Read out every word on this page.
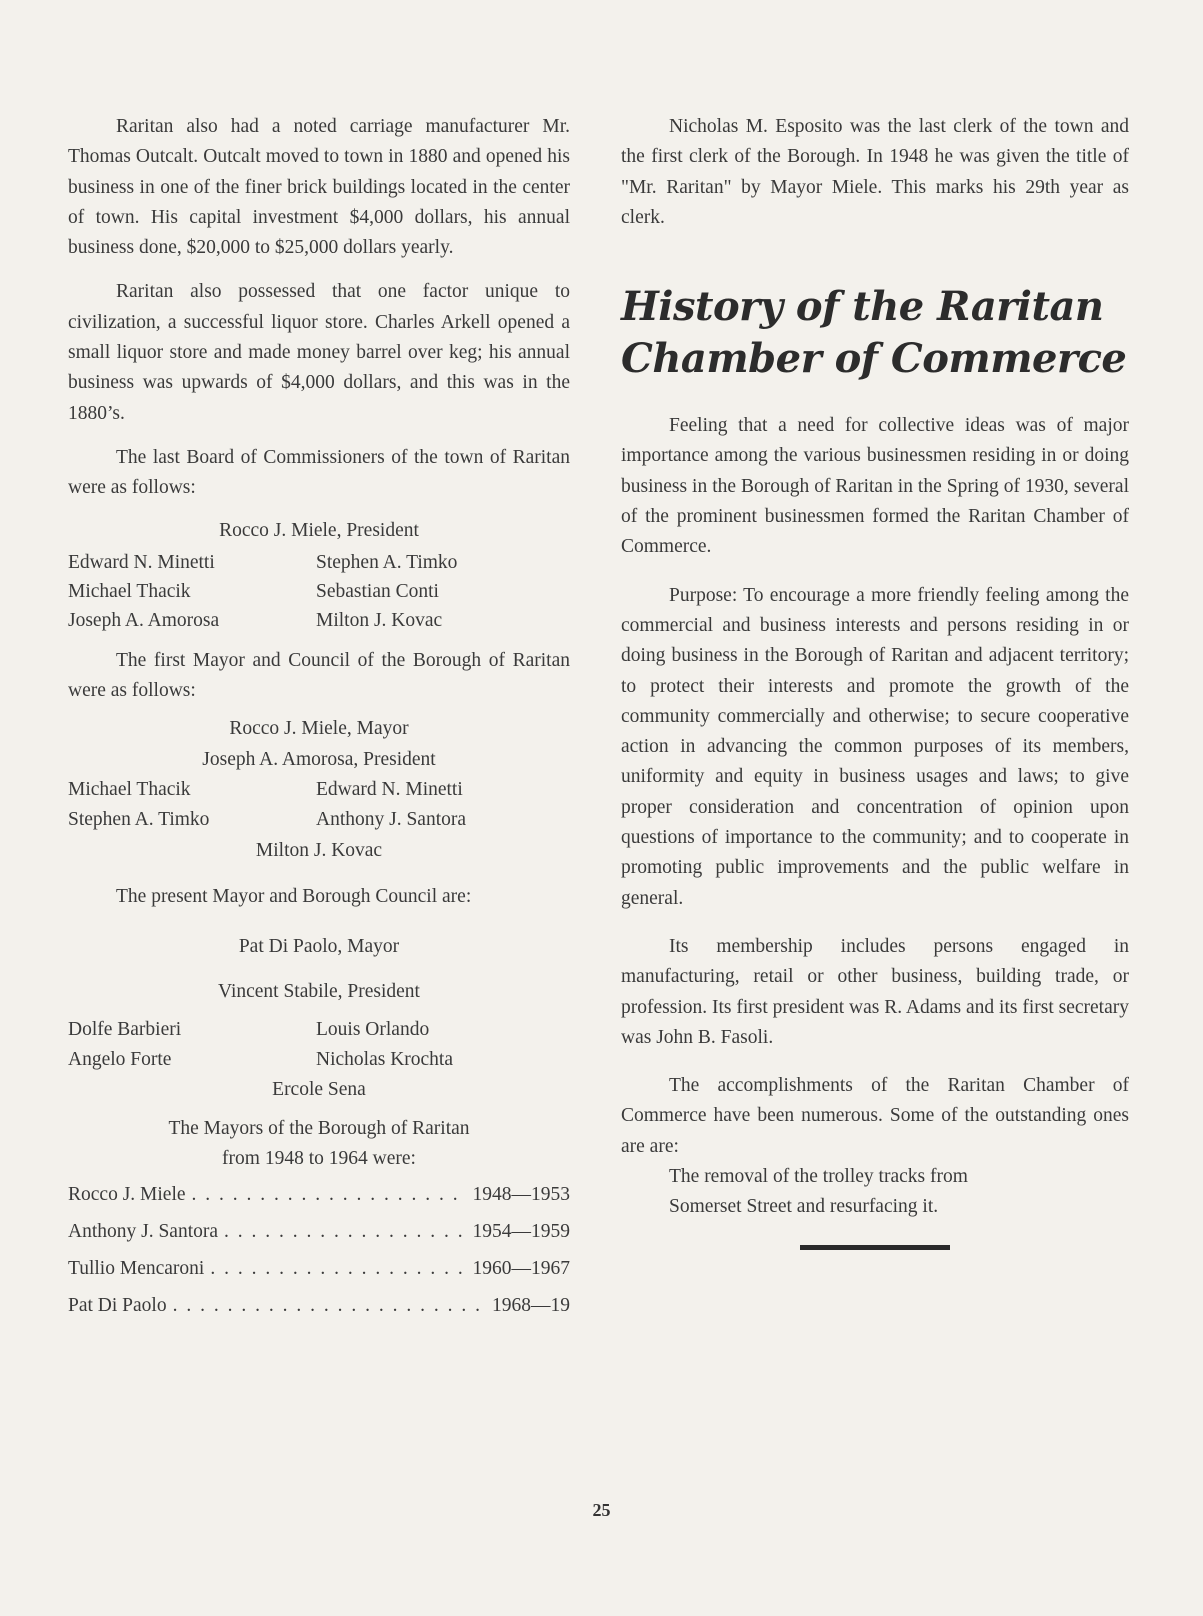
Raritan also had a noted carriage manufacturer Mr. Thomas Outcalt. Outcalt moved to town in 1880 and opened his business in one of the finer brick buildings located in the center of town. His capital investment $4,000 dollars, his annual business done, $20,000 to $25,000 dollars yearly.

Raritan also possessed that one factor unique to civilization, a successful liquor store. Charles Arkell opened a small liquor store and made money barrel over keg; his annual business was upwards of $4,000 dollars, and this was in the 1880’s.

The last Board of Commissioners of the town of Raritan were as follows:

Rocco J. Miele, President
Edward N. Minetti	Stephen A. Timko
Michael Thacik	Sebastian Conti
Joseph A. Amorosa	Milton J. Kovac

The first Mayor and Council of the Borough of Raritan were as follows:

Rocco J. Miele, Mayor
Joseph A. Amorosa, President
Michael Thacik	Edward N. Minetti
Stephen A. Timko	Anthony J. Santora
Milton J. Kovac

The present Mayor and Borough Council are:

Pat Di Paolo, Mayor
Vincent Stabile, President
Dolfe Barbieri	Louis Orlando
Angelo Forte	Nicholas Krochta
Ercole Sena
The Mayors of the Borough of Raritan
from 1948 to 1964 were:
Rocco J. Miele . . .	1948—1953
Anthony J. Santora . . .	1954—1959
Tullio Mencaroni . . .	1960—1967
Pat Di Paolo . . .	1968—19

Nicholas M. Esposito was the last clerk of the town and the first clerk of the Borough. In 1948 he was given the title of "Mr. Raritan" by Mayor Miele. This marks his 29th year as clerk.

History of the Raritan
Chamber of Commerce

Feeling that a need for collective ideas was of major importance among the various businessmen residing in or doing business in the Borough of Raritan in the Spring of 1930, several of the prominent businessmen formed the Raritan Chamber of Commerce.

Purpose: To encourage a more friendly feeling among the commercial and business interests and persons residing in or doing business in the Borough of Raritan and adjacent territory; to protect their interests and promote the growth of the community commercially and otherwise; to secure cooperative action in advancing the common purposes of its members, uniformity and equity in business usages and laws; to give proper consideration and concentration of opinion upon questions of importance to the community; and to cooperate in promoting public improvements and the public welfare in general.

Its membership includes persons engaged in manufacturing, retail or other business, building trade, or profession. Its first president was R. Adams and its first secretary was John B. Fasoli.

The accomplishments of the Raritan Chamber of Commerce have been numerous. Some of the outstanding ones are are:

The removal of the trolley tracks from
Somerset Street and resurfacing it.
25
